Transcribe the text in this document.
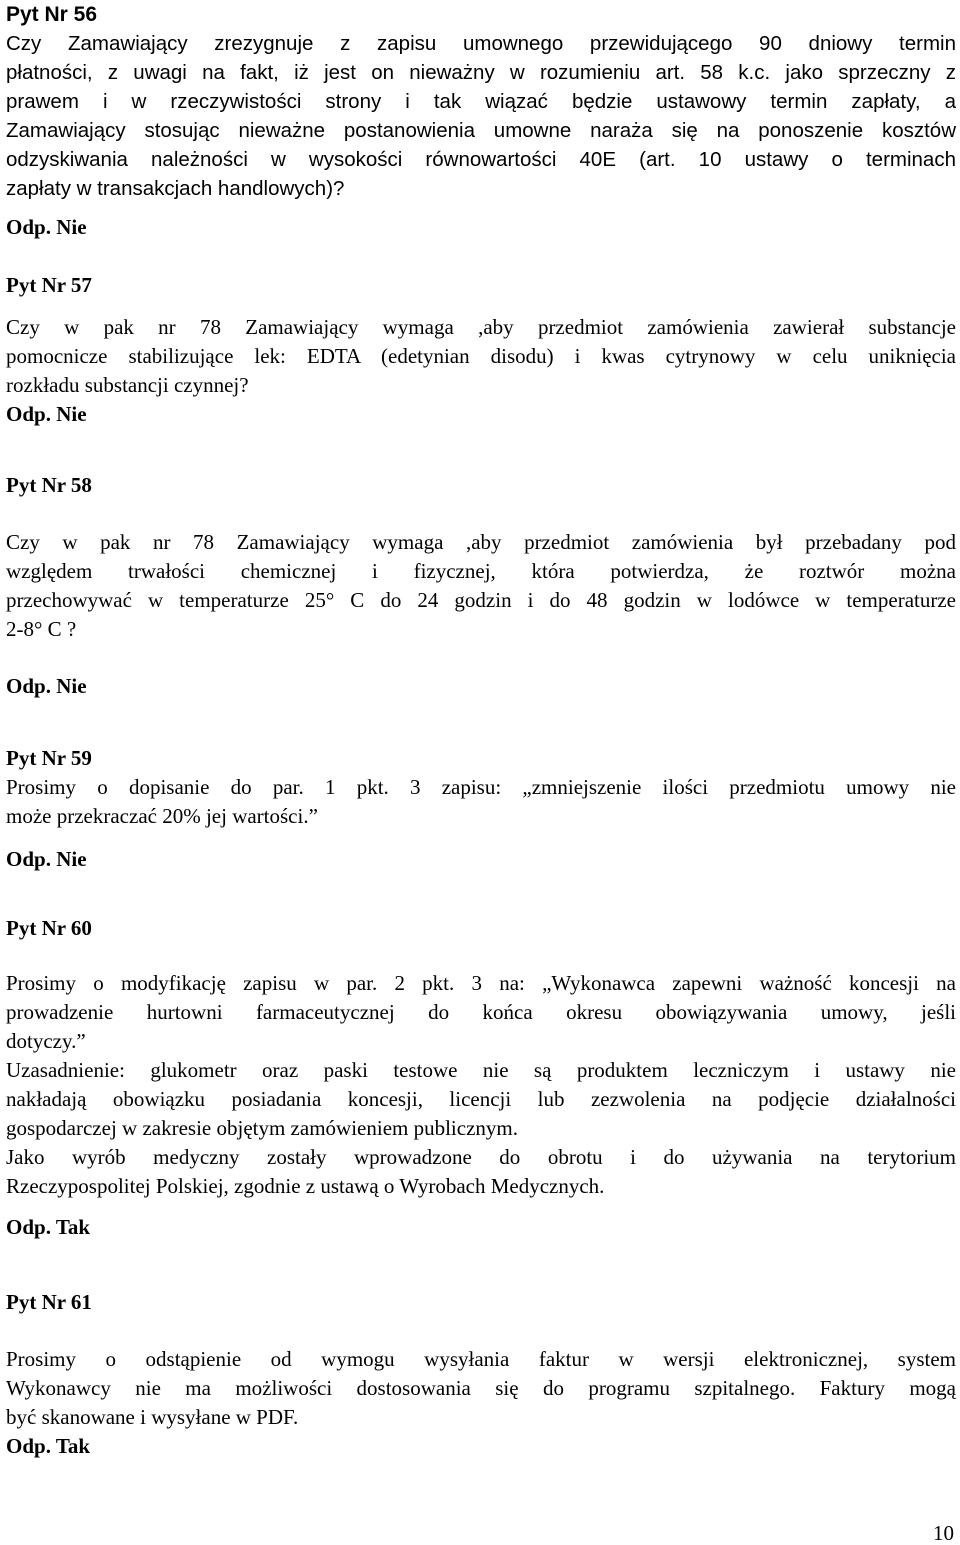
Pyt Nr 56
Czy Zamawiający zrezygnuje z zapisu umownego przewidującego 90 dniowy termin
płatności, z uwagi na fakt, iż jest on nieważny w rozumieniu art. 58 k.c. jako sprzeczny z
prawem i w rzeczywistości strony i tak wiązać będzie ustawowy termin zapłaty, a
Zamawiający stosując nieważne postanowienia umowne naraża się na ponoszenie kosztów
odzyskiwania należności w wysokości równowartości 40E (art. 10 ustawy o terminach
zapłaty w transakcjach handlowych)?
Odp. Nie
Pyt Nr 57
Czy w pak nr 78 Zamawiający wymaga ,aby przedmiot zamówienia zawierał substancje
pomocnicze stabilizujące lek: EDTA (edetynian disodu) i kwas cytrynowy w celu uniknięcia
rozkładu substancji czynnej?
Odp. Nie
Pyt Nr 58
Czy w pak nr 78 Zamawiający wymaga ,aby przedmiot zamówienia był przebadany pod
względem trwałości chemicznej i fizycznej, która potwierdza, że roztwór można
przechowywać w temperaturze 25° C do 24 godzin i do 48 godzin w lodówce w temperaturze
2-8° C ?
Odp. Nie
Pyt Nr 59
Prosimy o dopisanie do par. 1 pkt. 3 zapisu: „zmniejszenie ilości przedmiotu umowy nie
może przekraczać 20% jej wartości.”
Odp. Nie
Pyt Nr 60
Prosimy o modyfikację zapisu w par. 2 pkt. 3 na: „Wykonawca zapewni ważność koncesji na
prowadzenie hurtowni farmaceutycznej do końca okresu obowiązywania umowy, jeśli
dotyczy.”
Uzasadnienie: glukometr oraz paski testowe nie są produktem leczniczym i ustawy nie
nakładają obowiązku posiadania koncesji, licencji lub zezwolenia na podjęcie działalności
gospodarczej w zakresie objętym zamówieniem publicznym.
Jako wyrób medyczny zostały wprowadzone do obrotu i do używania na terytorium
Rzeczypospolitej Polskiej, zgodnie z ustawą o Wyrobach Medycznych.
Odp. Tak
Pyt Nr 61
Prosimy o odstąpienie od wymogu wysyłania faktur w wersji elektronicznej, system
Wykonawcy nie ma możliwości dostosowania się do programu szpitalnego. Faktury mogą
być skanowane i wysyłane w PDF.
Odp. Tak
10
